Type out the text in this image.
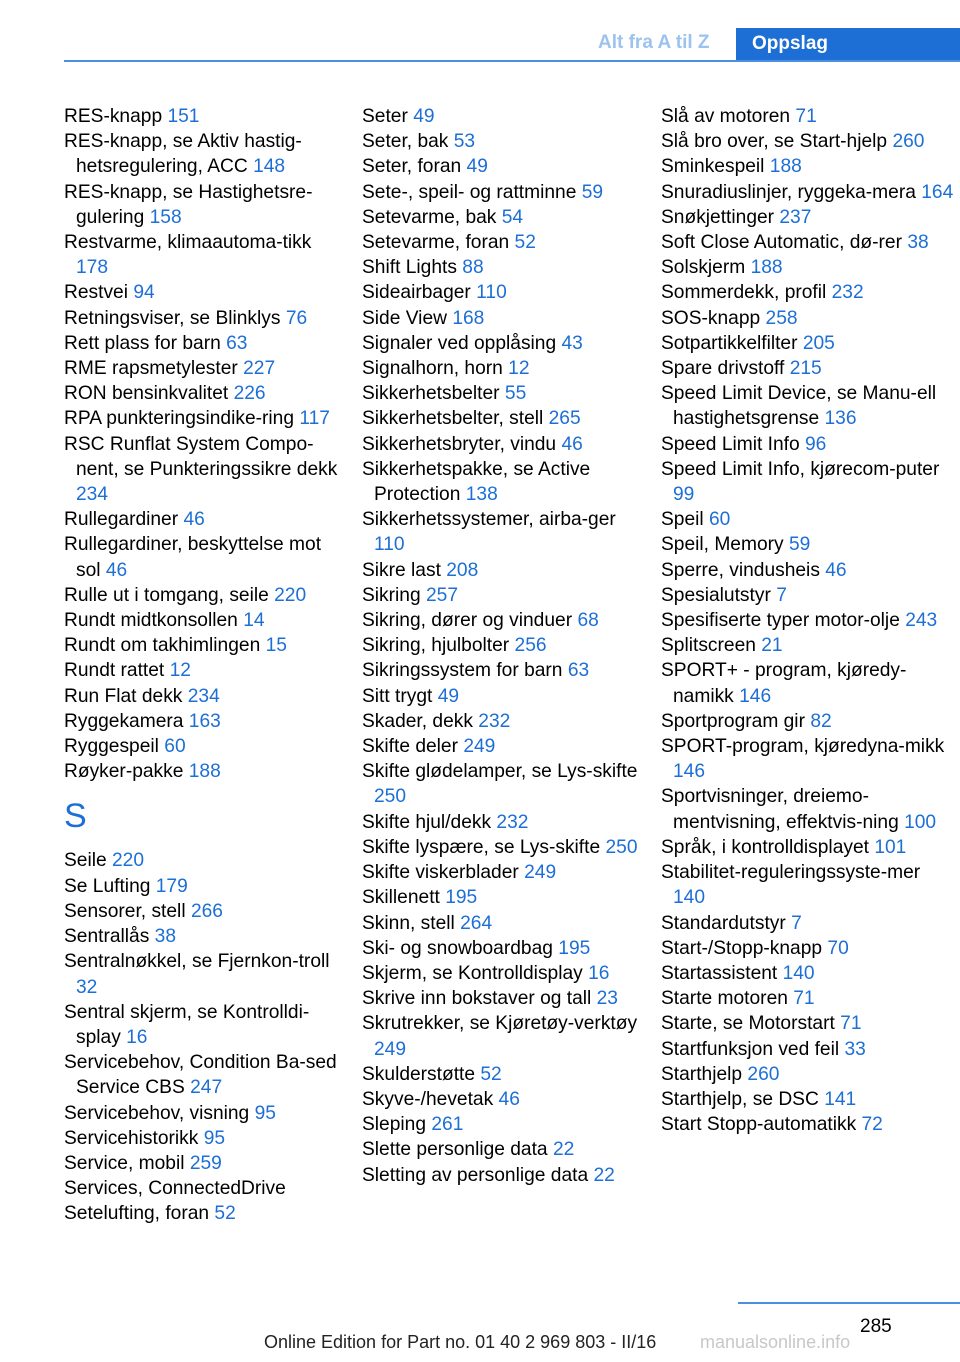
Alt fra A til Z	Oppslag
RES-knapp 151
RES-knapp, se Aktiv hastig‐hetsregulering, ACC 148
RES-knapp, se Hastighetsre‐gulering 158
Restvarme, klimaautoma‐tikk 178
Restvei 94
Retningsviser, se Blinklys 76
Rett plass for barn 63
RME rapsmetylester 227
RON bensinkvalitet 226
RPA punkteringsindike‐ring 117
RSC Runflat System Compo‐nent, se Punkteringssikre dekk 234
Rullegardiner 46
Rullegardiner, beskyttelse mot sol 46
Rulle ut i tomgang, seile 220
Rundt midtkonsollen 14
Rundt om takhimlingen 15
Rundt rattet 12
Run Flat dekk 234
Ryggekamera 163
Ryggespeil 60
Røyker-pakke 188
S
Seile 220
Se Lufting 179
Sensorer, stell 266
Sentrallås 38
Sentralnøkkel, se Fjernkon‐troll 32
Sentral skjerm, se Kontrolldi‐splay 16
Servicebehov, Condition Ba‐sed Service CBS 247
Servicebehov, visning 95
Servicehistorikk 95
Service, mobil 259
Services, ConnectedDrive
Setelufting, foran 52
Seter 49
Seter, bak 53
Seter, foran 49
Sete-, speil- og rattminne 59
Setevarme, bak 54
Setevarme, foran 52
Shift Lights 88
Sideairbager 110
Side View 168
Signaler ved opplåsing 43
Signalhorn, horn 12
Sikkerhetsbelter 55
Sikkerhetsbelter, stell 265
Sikkerhetsbryter, vindu 46
Sikkerhetspakke, se Active Protection 138
Sikkerhetssystemer, airba‐ger 110
Sikre last 208
Sikring 257
Sikring, dører og vinduer 68
Sikring, hjulbolter 256
Sikringssystem for barn 63
Sitt trygt 49
Skader, dekk 232
Skifte deler 249
Skifte glødelamper, se Lys‐skifte 250
Skifte hjul/dekk 232
Skifte lyspære, se Lys‐skifte 250
Skifte viskerblader 249
Skillenett 195
Skinn, stell 264
Ski- og snowboardbag 195
Skjerm, se Kontrolldisplay 16
Skrive inn bokstaver og tall 23
Skrutrekker, se Kjøretøy‐verktøy 249
Skulderstøtte 52
Skyve-/hevetak 46
Sleping 261
Slette personlige data 22
Sletting av personlige data 22
Slå av motoren 71
Slå bro over, se Start‐hjelp 260
Sminkespeil 188
Snuradiuslinjer, ryggeka‐mera 164
Snøkjettinger 237
Soft Close Automatic, dø‐rer 38
Solskjerm 188
Sommerdekk, profil 232
SOS-knapp 258
Sotpartikkelfilter 205
Spare drivstoff 215
Speed Limit Device, se Manu‐ell hastighetsgrense 136
Speed Limit Info 96
Speed Limit Info, kjørecom‐puter 99
Speil 60
Speil, Memory 59
Sperre, vindusheis 46
Spesialutstyr 7
Spesifiserte typer motor‐olje 243
Splitscreen 21
SPORT+ - program, kjøredy‐namikk 146
Sportprogram gir 82
SPORT-program, kjøredyna‐mikk 146
Sportvisninger, dreiemo‐mentvisning, effektvis‐ning 100
Språk, i kontrolldisplayet 101
Stabilitet-reguleringssyste‐mer 140
Standardutstyr 7
Start-/Stopp-knapp 70
Startassistent 140
Starte motoren 71
Starte, se Motorstart 71
Startfunksjon ved feil 33
Starthjelp 260
Starthjelp, se DSC 141
Start Stopp-automatikk 72
285
Online Edition for Part no. 01 40 2 969 803 - II/16 manualsonline.info
